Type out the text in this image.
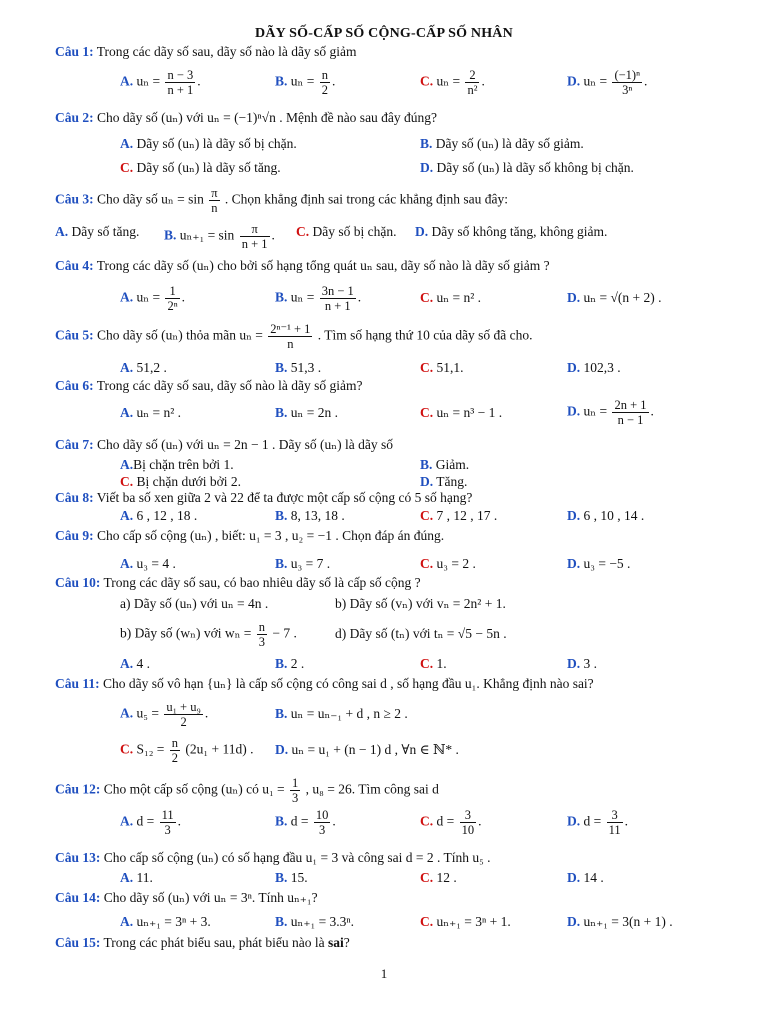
DÃY SỐ-CẤP SỐ CỘNG-CẤP SỐ NHÂN
Câu 1: Trong các dãy số sau, dãy số nào là dãy số giảm
A. $u_n = \frac{n - 3}{n + 1}$ .	B. $u_n = \frac{n}{2}$ .	C. $u_n = \frac{2}{\text{n²}}$ .	D. $u_n = \frac{\text{(−1)ⁿ}}{\text{3ⁿ}}$ .
Câu 2: Cho dãy số (uₙ) với uₙ = (−1)ⁿ√n . Mệnh đề nào sau đây đúng?
A. Dãy số (uₙ) là dãy số bị chặn.	B. Dãy số (uₙ) là dãy số giảm.
C. Dãy số (uₙ) là dãy số tăng.	D. Dãy số (uₙ) là dãy số không bị chặn.
Câu 3: Cho dãy số $u_n = \sin \frac{\pi}{n}$ . Chọn khẳng định sai trong các khẳng định sau đây:
A. Dãy số tăng. B. $u_{n+1} = \sin \frac{\pi}{n + 1}$ . C. Dãy số bị chặn. D. Dãy số không tăng, không giảm.
Câu 4: Trong các dãy số (uₙ) cho bởi số hạng tổng quát uₙ sau, dãy số nào là dãy số giảm ?
A. $u_n = \frac{1}{\text{2ⁿ}}$ .	B. $u_n = \frac{3n - 1}{n + 1}$ .	C. uₙ = n² .	D. uₙ = √(n + 2) .
Câu 5: Cho dãy số (uₙ) thỏa mãn $u_n = \frac{\text{2ⁿ⁻¹ + 1}}{n}$ . Tìm số hạng thứ 10 của dãy số đã cho.
A. 51,2 .	B. 51,3 .	C. 51,1.	D. 102,3 .
Câu 6: Trong các dãy số sau, dãy số nào là dãy số giảm?
A. uₙ = n² .	B. uₙ = 2n .	C. uₙ = n³ − 1 .	D. $u_n = \frac{2n + 1}{n - 1}$ .
Câu 7: Cho dãy số (uₙ) với uₙ = 2n − 1 . Dãy số (uₙ) là dãy số
A.Bị chặn trên bởi 1.	B. Giảm.
C. Bị chặn dưới bởi 2.	D. Tăng.
Câu 8: Viết ba số xen giữa 2 và 22 để ta được một cấp số cộng có 5 số hạng?
A. 6 , 12 , 18 .	B. 8, 13, 18 .	C. 7 , 12 , 17 .	D. 6 , 10 , 14 .
Câu 9: Cho cấp số cộng (uₙ) , biết: u₁ = 3 , u₂ = −1 . Chọn đáp án đúng.
A. u₃ = 4 .	B. u₃ = 7 .	C. u₃ = 2 .	D. u₃ = −5 .
Câu 10: Trong các dãy số sau, có bao nhiêu dãy số là cấp số cộng ?
a) Dãy số (uₙ) với uₙ = 4n .	b) Dãy số (vₙ) với vₙ = 2n² + 1.
b) Dãy số (wₙ) với $w_n = \frac{n}{3} - 7$ .	d) Dãy số (tₙ) với tₙ = √5 − 5n .
A. 4 .	B. 2 .	C. 1.	D. 3 .
Câu 11: Cho dãy số vô hạn {uₙ} là cấp số cộng có công sai d , số hạng đầu u₁. Khẳng định nào sai?
A. $u_5 = \frac{\text{u₁ + u₉}}{2}$ .	B. uₙ = uₙ₋₁ + d , n ≥ 2 .
C. $S_{12} = \frac{n}{2} (2u_1 + 11d)$ . D. uₙ = u₁ + (n − 1) d , ∀n ∈ ℕ* .
Câu 12: Cho một cấp số cộng (uₙ) có $u_1 = \frac{1}{3}$ , u₈ = 26. Tìm công sai d
A. $d = \frac{11}{3}$ .	B. $d = \frac{10}{3}$ .	C. $d = \frac{3}{10}$ .	D. $d = \frac{3}{11}$ .
Câu 13: Cho cấp số cộng (uₙ) có số hạng đầu u₁ = 3 và công sai d = 2 . Tính u₅ .
A. 11.	B. 15.	C. 12 .	D. 14 .
Câu 14: Cho dãy số (uₙ) với uₙ = 3ⁿ. Tính uₙ₊₁?
A. uₙ₊₁ = 3ⁿ + 3.	B. uₙ₊₁ = 3.3ⁿ.	C. uₙ₊₁ = 3ⁿ + 1.	D. uₙ₊₁ = 3(n + 1) .
Câu 15: Trong các phát biểu sau, phát biểu nào là sai?
1
